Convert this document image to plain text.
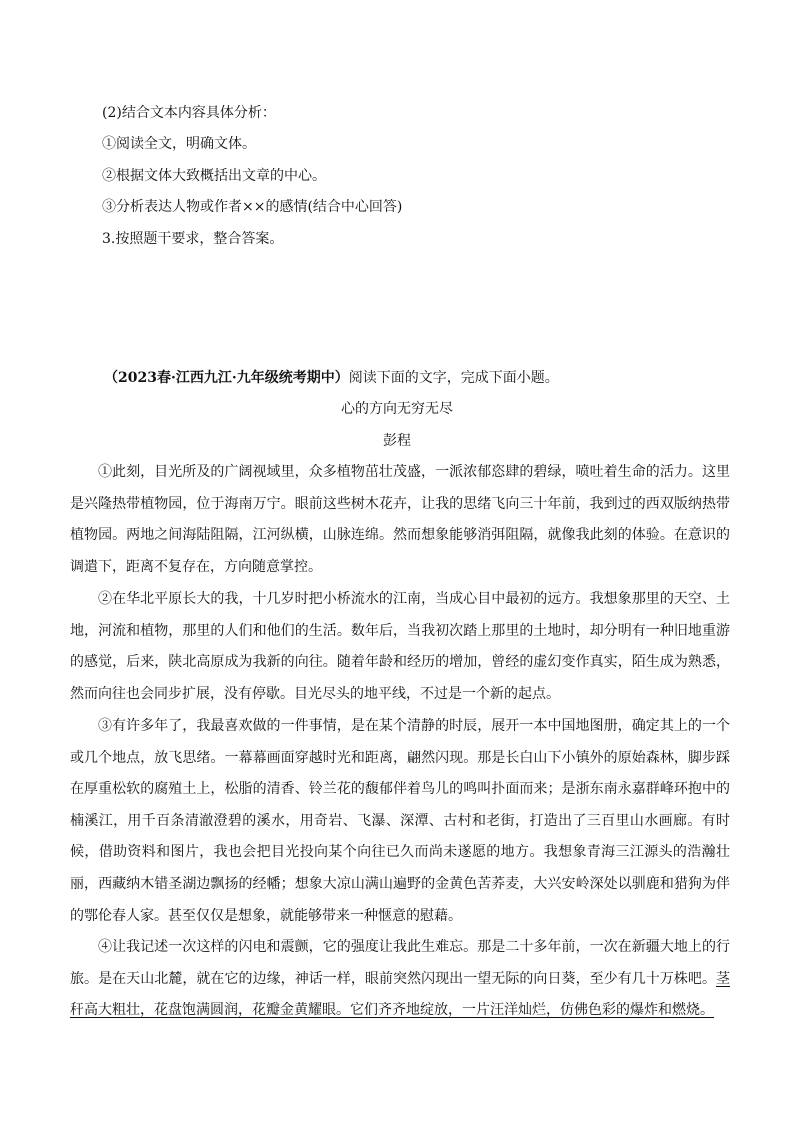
(2)结合文本内容具体分析：
①阅读全文，明确文体。
②根据文体大致概括出文章的中心。
③分析表达人物或作者××的感情(结合中心回答)
3.按照题干要求，整合答案。
（2023春·江西九江·九年级统考期中）阅读下面的文字，完成下面小题。
心的方向无穷无尽
彭程

①此刻，目光所及的广阔视域里，众多植物茁壮茂盛，一派浓郁恣肆的碧绿，喷吐着生命的活力。这里是兴隆热带植物园，位于海南万宁。眼前这些树木花卉，让我的思绪飞向三十年前，我到过的西双版纳热带植物园。两地之间海陆阻隔，江河纵横，山脉连绵。然而想象能够消弭阻隔，就像我此刻的体验。在意识的调遣下，距离不复存在，方向随意掌控。

②在华北平原长大的我，十几岁时把小桥流水的江南，当成心目中最初的远方。我想象那里的天空、土地，河流和植物，那里的人们和他们的生活。数年后，当我初次踏上那里的土地时，却分明有一种旧地重游的感觉，后来，陕北高原成为我新的向往。随着年龄和经历的增加，曾经的虚幻变作真实，陌生成为熟悉，然而向往也会同步扩展，没有停歇。目光尽头的地平线，不过是一个新的起点。

③有许多年了，我最喜欢做的一件事情，是在某个清静的时辰，展开一本中国地图册，确定其上的一个或几个地点，放飞思绪。一幕幕画面穿越时光和距离，翩然闪现。那是长白山下小镇外的原始森林，脚步踩在厚重松软的腐殖土上，松脂的清香、铃兰花的馥郁伴着鸟儿的鸣叫扑面而来；是浙东南永嘉群峰环抱中的楠溪江，用千百条清澈澄碧的溪水，用奇岩、飞瀑、深潭、古村和老街，打造出了三百里山水画廊。有时候，借助资料和图片，我也会把目光投向某个向往已久而尚未遂愿的地方。我想象青海三江源头的浩瀚壮丽，西藏纳木错圣湖边飘扬的经幡；想象大凉山满山遍野的金黄色苦荞麦，大兴安岭深处以驯鹿和猎狗为伴的鄂伦春人家。甚至仅仅是想象，就能够带来一种惬意的慰藉。

④让我记述一次这样的闪电和震颤，它的强度让我此生难忘。那是二十多年前，一次在新疆大地上的行旅。是在天山北麓，就在它的边缘，神话一样，眼前突然闪现出一望无际的向日葵，至少有几十万株吧。茎秆高大粗壮，花盘饱满圆润，花瓣金黄耀眼。它们齐齐地绽放，一片汪洋灿烂，仿佛色彩的爆炸和燃烧。
